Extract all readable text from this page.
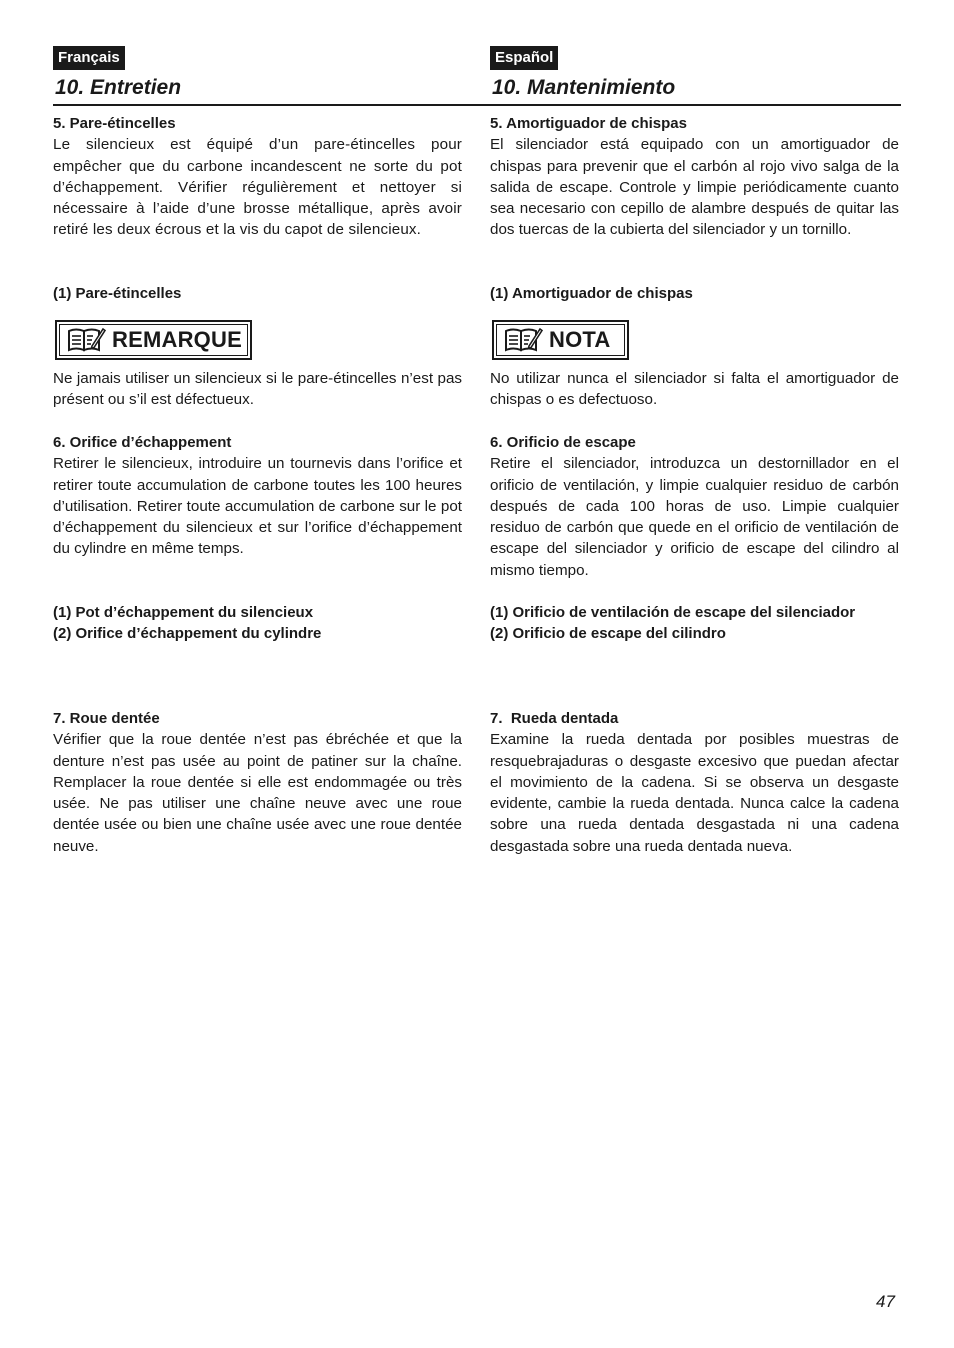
Français
10. Entretien

5. Pare-étincelles

Le silencieux est équipé d’un pare-étincelles pour empêcher que du carbone incandescent ne sorte du pot d’échappement. Vérifier régulièrement et nettoyer si nécessaire à l’aide d’une brosse métallique, après avoir retiré les deux écrous et la vis du capot de silencieux.

(1) Pare-étincelles

REMARQUE

Ne jamais utiliser un silencieux si le pare-étincelles n’est pas présent ou s’il est défectueux.

6. Orifice d’échappement

Retirer le silencieux, introduire un tournevis dans l’orifice et retirer toute accumulation de carbone toutes les 100 heures d’utilisation. Retirer toute accumulation de carbone sur le pot d’échappement du silencieux et sur l’orifice d’échappement du cylindre en même temps.

(1) Pot d’échappement du silencieux

(2) Orifice d’échappement du cylindre

7. Roue dentée

Vérifier que la roue dentée n’est pas ébréchée et que la denture n’est pas usée au point de patiner sur la chaîne. Remplacer la roue dentée si elle est endommagée ou très usée. Ne pas utiliser une chaîne neuve avec une roue dentée usée ou bien une chaîne usée avec une roue dentée neuve.

Español
10. Mantenimiento

5. Amortiguador de chispas

El silenciador está equipado con un amortiguador de chispas para prevenir que el carbón al rojo vivo salga de la salida de escape. Controle y limpie periódicamente cuanto sea necesario con cepillo de alambre después de quitar las dos tuercas de la cubierta del silenciador y un tornillo.

(1) Amortiguador de chispas

NOTA

No utilizar nunca el silenciador si falta el amortiguador de chispas o es defectuoso.

6. Orificio de escape

Retire el silenciador, introduzca un destornillador en el orificio de ventilación, y limpie cualquier residuo de carbón después de cada 100 horas de uso. Limpie cualquier residuo de carbón que quede en el orificio de ventilación de escape del silenciador y orificio de escape del cilindro al mismo tiempo.

(1) Orificio de ventilación de escape del silenciador

(2) Orificio de escape del cilindro

7.  Rueda dentada

Examine la rueda dentada por posibles muestras de resquebrajaduras o desgaste excesivo que puedan afectar el movimiento de la cadena. Si se observa un desgaste evidente, cambie la rueda dentada. Nunca calce la cadena sobre una rueda dentada desgastada ni una cadena desgastada sobre una rueda dentada nueva.

47
